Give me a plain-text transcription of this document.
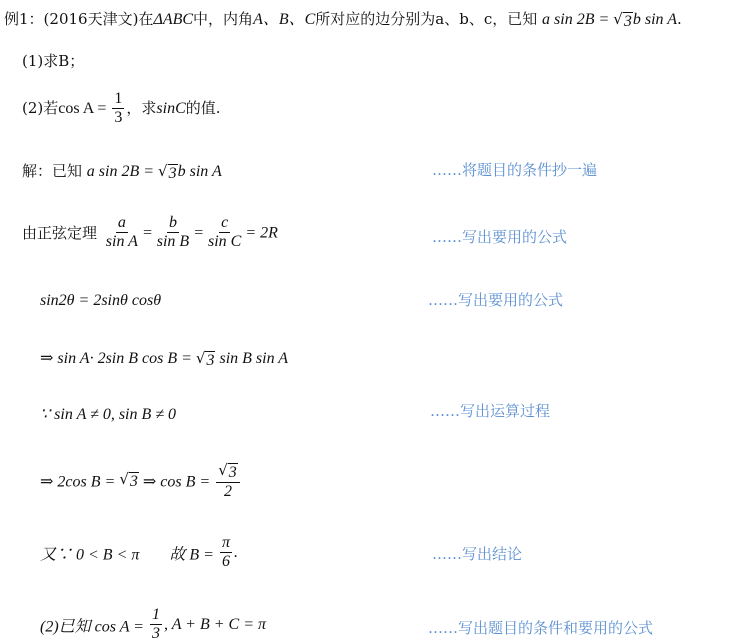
例1：(2016天津文)在ΔABC中，内角A、B、C所对应的边分别为a、b、c，已知 a sin 2B = √ 3 b sin A.
(1)求B；
(2)若$\cos A = \frac{1}{3}$ ，求sinC的值.
解：已知 a sin 2B = √ 3 b sin A	……将题目的条件抄一遍
由正弦定理 $\frac{a}{\text{sin A}} = \frac{b}{\text{sin B}} = \frac{c}{\text{sin C}} = 2R$	……写出要用的公式
sin2θ = 2sinθ cosθ	……写出要用的公式
⇒ sin A· 2sin B cos B = √ 3 sin B sin A
∵ sin A ≠ 0, sin B ≠ 0	……写出运算过程
⇒ 2cos B = √ 3 ⇒ $\cos B = \frac{√ 3}{2}$
又∵ 0 < B < π 故 $B = \frac{\pi}{6}$ .	……写出结论
(2)已知 $\cos A = \frac{1}{3}$ , A + B + C = π	……写出题目的条件和要用的公式
